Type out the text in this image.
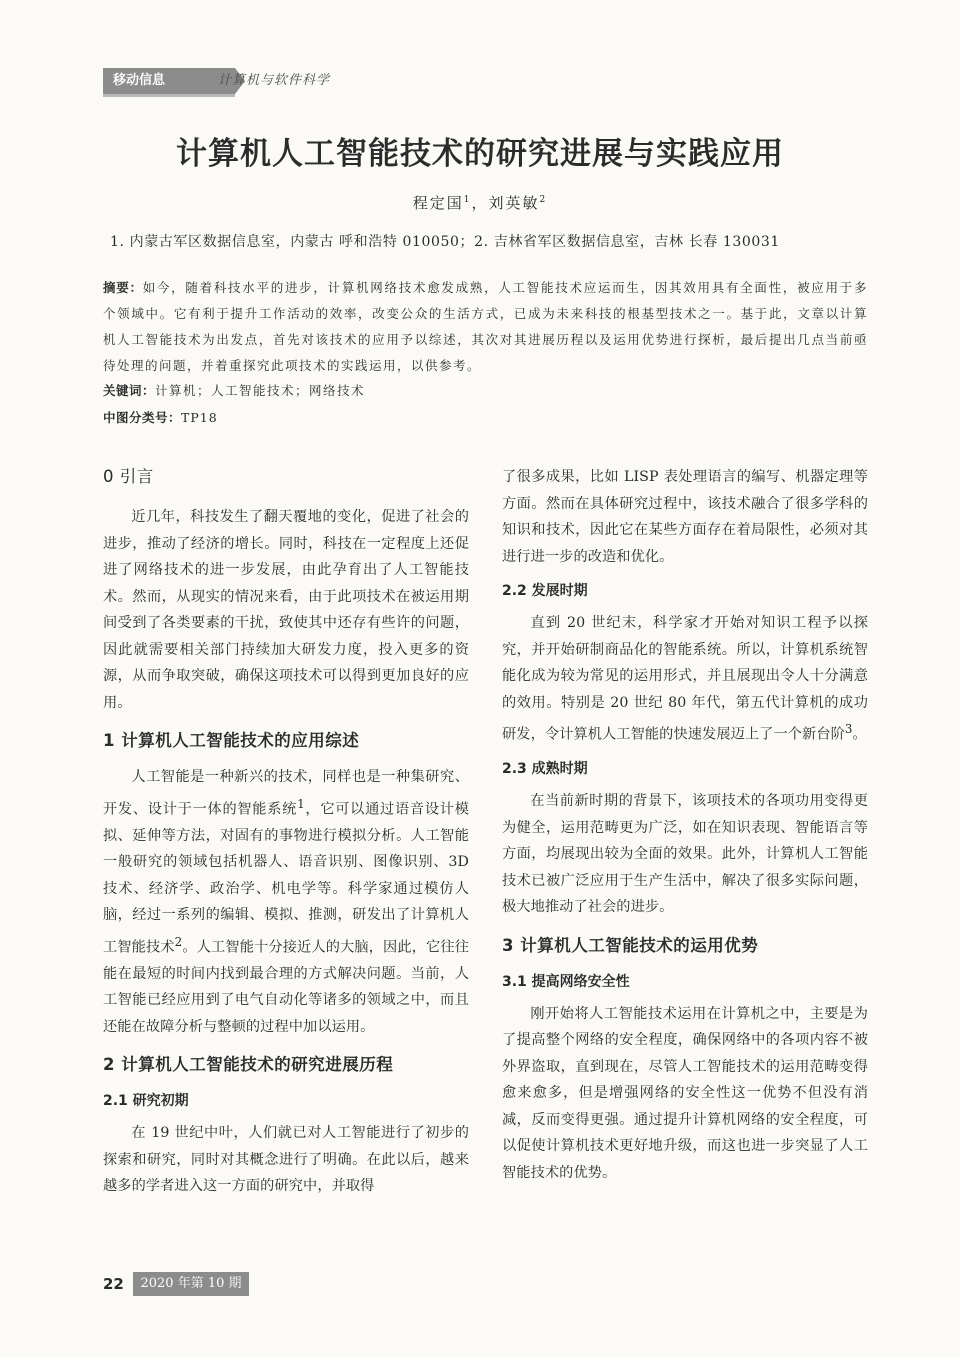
移动信息	计算机与软件科学
计算机人工智能技术的研究进展与实践应用
程定国$^1$，刘英敏$^2$
1. 内蒙古军区数据信息室，内蒙古 呼和浩特 010050；2. 吉林省军区数据信息室，吉林 长春 130031
摘要：如今，随着科技水平的进步，计算机网络技术愈发成熟，人工智能技术应运而生，因其效用具有全面性，被应用于多个领域中。它有利于提升工作活动的效率，改变公众的生活方式，已成为未来科技的根基型技术之一。基于此，文章以计算机人工智能技术为出发点，首先对该技术的应用予以综述，其次对其进展历程以及运用优势进行探析，最后提出几点当前亟待处理的问题，并着重探究此项技术的实践运用，以供参考。
关键词：计算机；人工智能技术；网络技术
中图分类号：TP18
0 引言

近几年，科技发生了翻天覆地的变化，促进了社会的进步，推动了经济的增长。同时，科技在一定程度上还促进了网络技术的进一步发展，由此孕育出了人工智能技术。然而，从现实的情况来看，由于此项技术在被运用期间受到了各类要素的干扰，致使其中还存有些许的问题，因此就需要相关部门持续加大研发力度，投入更多的资源，从而争取突破，确保这项技术可以得到更加良好的应用。

1 计算机人工智能技术的应用综述

人工智能是一种新兴的技术，同样也是一种集研究、开发、设计于一体的智能系统$^1$，它可以通过语音设计模拟、延伸等方法，对固有的事物进行模拟分析。人工智能一般研究的领域包括机器人、语音识别、图像识别、3D 技术、经济学、政治学、机电学等。科学家通过模仿人脑，经过一系列的编辑、模拟、推测，研发出了计算机人工智能技术$^2$。人工智能十分接近人的大脑，因此，它往往能在最短的时间内找到最合理的方式解决问题。当前，人工智能已经应用到了电气自动化等诸多的领域之中，而且还能在故障分析与整顿的过程中加以运用。

2 计算机人工智能技术的研究进展历程
2.1 研究初期

在 19 世纪中叶，人们就已对人工智能进行了初步的探索和研究，同时对其概念进行了明确。在此以后，越来越多的学者进入这一方面的研究中，并取得

了很多成果，比如 LISP 表处理语言的编写、机器定理等方面。然而在具体研究过程中，该技术融合了很多学科的知识和技术，因此它在某些方面存在着局限性，必须对其进行进一步的改造和优化。

2.2 发展时期

直到 20 世纪末，科学家才开始对知识工程予以探究，并开始研制商品化的智能系统。所以，计算机系统智能化成为较为常见的运用形式，并且展现出令人十分满意的效用。特别是 20 世纪 80 年代，第五代计算机的成功研发，令计算机人工智能的快速发展迈上了一个新台阶$^3$。

2.3 成熟时期

在当前新时期的背景下，该项技术的各项功用变得更为健全，运用范畴更为广泛，如在知识表现、智能语言等方面，均展现出较为全面的效果。此外，计算机人工智能技术已被广泛应用于生产生活中，解决了很多实际问题，极大地推动了社会的进步。

3 计算机人工智能技术的运用优势
3.1 提高网络安全性

刚开始将人工智能技术运用在计算机之中，主要是为了提高整个网络的安全程度，确保网络中的各项内容不被外界盗取，直到现在，尽管人工智能技术的运用范畴变得愈来愈多，但是增强网络的安全性这一优势不但没有消减，反而变得更强。通过提升计算机网络的安全程度，可以促使计算机技术更好地升级，而这也进一步突显了人工智能技术的优势。

22	2020 年第 10 期
